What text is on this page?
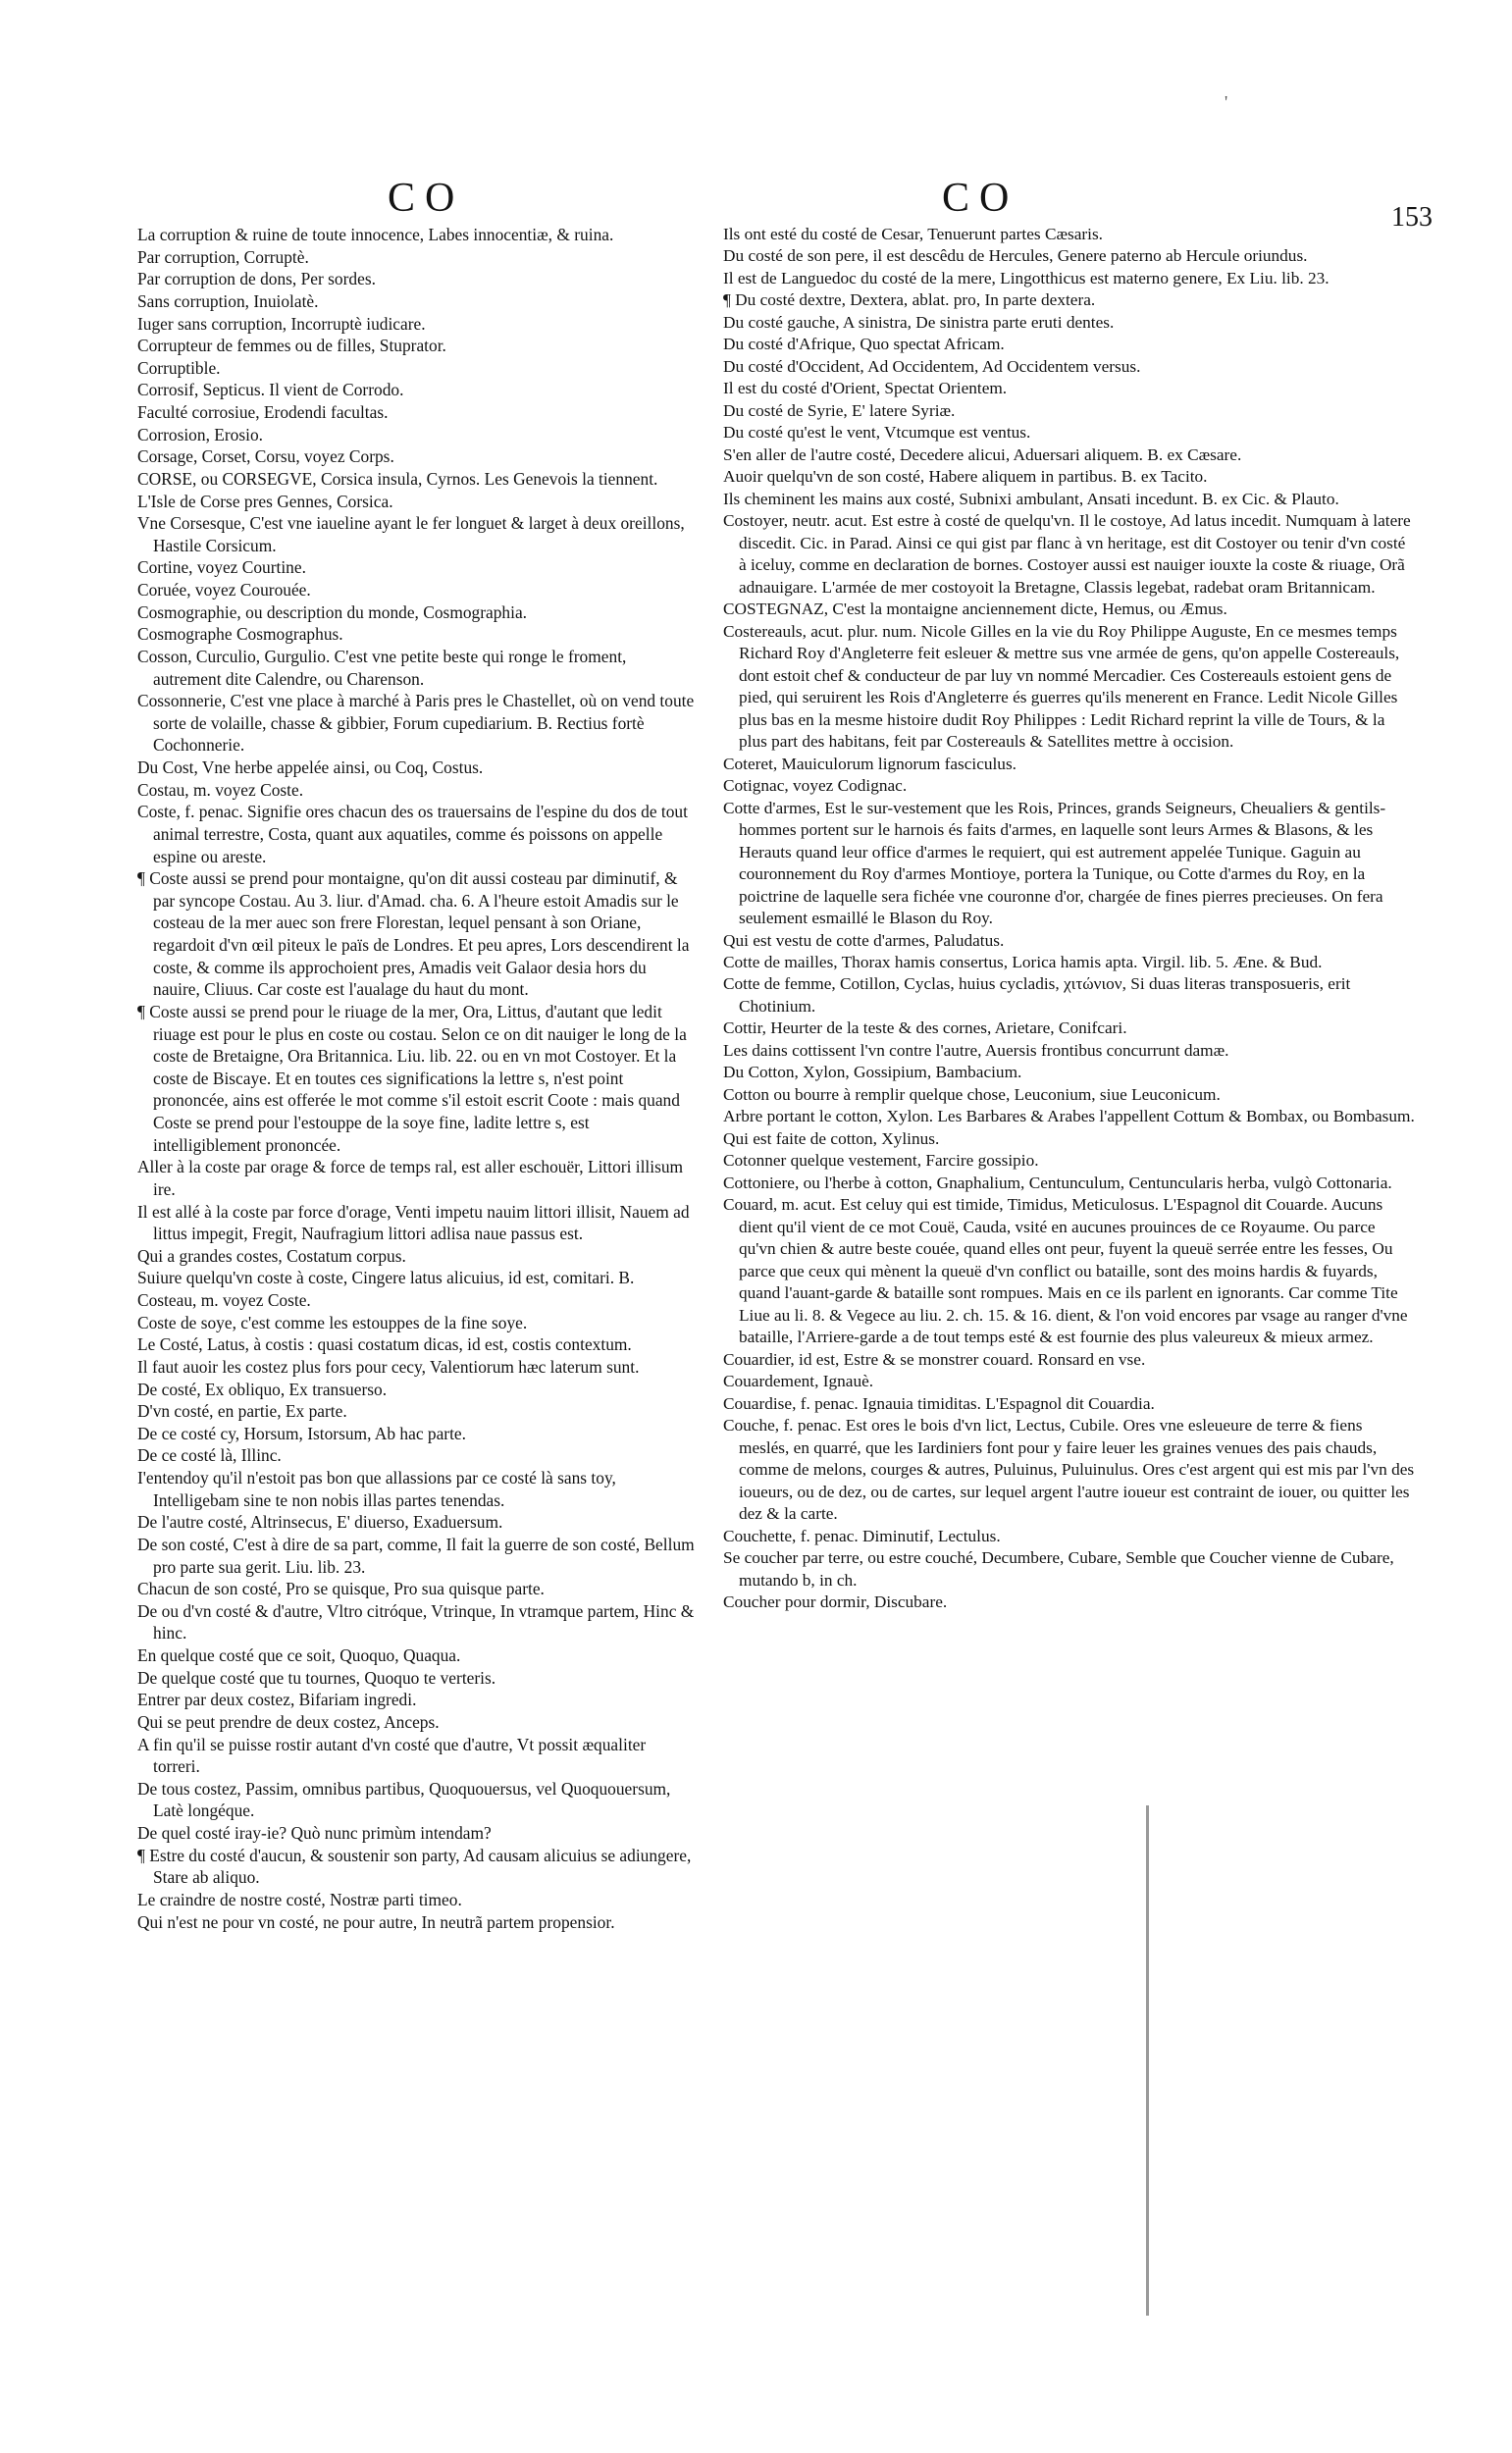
'
CO	CO	153

La corruption & ruine de toute innocence, Labes innocentiæ, & ruina.

Par corruption, Corruptè.

Par corruption de dons, Per sordes.

Sans corruption, Inuiolatè.

Iuger sans corruption, Incorruptè iudicare.

Corrupteur de femmes ou de filles, Stuprator.

Corruptible.

Corrosif, Septicus. Il vient de Corrodo.

Faculté corrosiue, Erodendi facultas.

Corrosion, Erosio.

Corsage, Corset, Corsu, voyez Corps.

CORSE, ou CORSEGVE, Corsica insula, Cyrnos. Les Genevois la tiennent.

L'Isle de Corse pres Gennes, Corsica.

Vne Corsesque, C'est vne iaueline ayant le fer longuet & larget à deux oreillons, Hastile Corsicum.

Cortine, voyez Courtine.

Coruée, voyez Courouée.

Cosmographie, ou description du monde, Cosmographia.

Cosmographe Cosmographus.

Cosson, Curculio, Gurgulio. C'est vne petite beste qui ronge le froment, autrement dite Calendre, ou Charenson.

Cossonnerie, C'est vne place à marché à Paris pres le Chastellet, où on vend toute sorte de volaille, chasse & gibbier, Forum cupediarium. B. Rectius fortè Cochonnerie.

Du Cost, Vne herbe appelée ainsi, ou Coq, Costus.

Costau, m. voyez Coste.

Coste, f. penac. Signifie ores chacun des os trauersains de l'espine du dos de tout animal terrestre, Costa, quant aux aquatiles, comme és poissons on appelle espine ou areste.

¶ Coste aussi se prend pour montaigne, qu'on dit aussi costeau par diminutif, & par syncope Costau. Au 3. liur. d'Amad. cha. 6. A l'heure estoit Amadis sur le costeau de la mer auec son frere Florestan, lequel pensant à son Oriane, regardoit d'vn œil piteux le païs de Londres. Et peu apres, Lors descendirent la coste, & comme ils approchoient pres, Amadis veit Galaor desia hors du nauire, Cliuus. Car coste est l'aualage du haut du mont.

¶ Coste aussi se prend pour le riuage de la mer, Ora, Littus, d'autant que ledit riuage est pour le plus en coste ou costau. Selon ce on dit nauiger le long de la coste de Bretaigne, Ora Britannica. Liu. lib. 22. ou en vn mot Costoyer. Et la coste de Biscaye. Et en toutes ces significations la lettre s, n'est point prononcée, ains est offerée le mot comme s'il estoit escrit Coote : mais quand Coste se prend pour l'estouppe de la soye fine, ladite lettre s, est intelligiblement prononcée.

Aller à la coste par orage & force de temps ral, est aller eschouër, Littori illisum ire.

Il est allé à la coste par force d'orage, Venti impetu nauim littori illisit, Nauem ad littus impegit, Fregit, Naufragium littori adlisa naue passus est.

Qui a grandes costes, Costatum corpus.

Suiure quelqu'vn coste à coste, Cingere latus alicuius, id est, comitari. B.

Costeau, m. voyez Coste.

Coste de soye, c'est comme les estouppes de la fine soye.

Le Costé, Latus, à costis : quasi costatum dicas, id est, costis contextum.

Il faut auoir les costez plus fors pour cecy, Valentiorum hæc laterum sunt.

De costé, Ex obliquo, Ex transuerso.

D'vn costé, en partie, Ex parte.

De ce costé cy, Horsum, Istorsum, Ab hac parte.

De ce costé là, Illinc.

I'entendoy qu'il n'estoit pas bon que allassions par ce costé là sans toy, Intelligebam sine te non nobis illas partes tenendas.

De l'autre costé, Altrinsecus, E' diuerso, Exaduersum.

De son costé, C'est à dire de sa part, comme, Il fait la guerre de son costé, Bellum pro parte sua gerit. Liu. lib. 23.

Chacun de son costé, Pro se quisque, Pro sua quisque parte.

De ou d'vn costé & d'autre, Vltro citróque, Vtrinque, In vtramque partem, Hinc & hinc.

En quelque costé que ce soit, Quoquo, Quaqua.

De quelque costé que tu tournes, Quoquo te verteris.

Entrer par deux costez, Bifariam ingredi.

Qui se peut prendre de deux costez, Anceps.

A fin qu'il se puisse rostir autant d'vn costé que d'autre, Vt possit æqualiter torreri.

De tous costez, Passim, omnibus partibus, Quoquouersus, vel Quoquouersum, Latè longéque.

De quel costé iray-ie? Quò nunc primùm intendam?

¶ Estre du costé d'aucun, & soustenir son party, Ad causam alicuius se adiungere, Stare ab aliquo.

Le craindre de nostre costé, Nostræ parti timeo.

Qui n'est ne pour vn costé, ne pour autre, In neutrã partem propensior.

Ils ont esté du costé de Cesar, Tenuerunt partes Cæsaris.

Du costé de son pere, il est descêdu de Hercules, Genere paterno ab Hercule oriundus.

Il est de Languedoc du costé de la mere, Lingotthicus est materno genere, Ex Liu. lib. 23.

¶ Du costé dextre, Dextera, ablat. pro, In parte dextera.

Du costé gauche, A sinistra, De sinistra parte eruti dentes.

Du costé d'Afrique, Quo spectat Africam.

Du costé d'Occident, Ad Occidentem, Ad Occidentem versus.

Il est du costé d'Orient, Spectat Orientem.

Du costé de Syrie, E' latere Syriæ.

Du costé qu'est le vent, Vtcumque est ventus.

S'en aller de l'autre costé, Decedere alicui, Aduersari aliquem. B. ex Cæsare.

Auoir quelqu'vn de son costé, Habere aliquem in partibus. B. ex Tacito.

Ils cheminent les mains aux costé, Subnixi ambulant, Ansati incedunt. B. ex Cic. & Plauto.

Costoyer, neutr. acut. Est estre à costé de quelqu'vn. Il le costoye, Ad latus incedit. Numquam à latere discedit. Cic. in Parad. Ainsi ce qui gist par flanc à vn heritage, est dit Costoyer ou tenir d'vn costé à iceluy, comme en declaration de bornes. Costoyer aussi est nauiger iouxte la coste & riuage, Orã adnauigare. L'armée de mer costoyoit la Bretagne, Classis legebat, radebat oram Britannicam.

COSTEGNAZ, C'est la montaigne anciennement dicte, Hemus, ou Æmus.

Costereauls, acut. plur. num. Nicole Gilles en la vie du Roy Philippe Auguste, En ce mesmes temps Richard Roy d'Angleterre feit esleuer & mettre sus vne armée de gens, qu'on appelle Costereauls, dont estoit chef & conducteur de par luy vn nommé Mercadier. Ces Costereauls estoient gens de pied, qui seruirent les Rois d'Angleterre és guerres qu'ils menerent en France. Ledit Nicole Gilles plus bas en la mesme histoire dudit Roy Philippes : Ledit Richard reprint la ville de Tours, & la plus part des habitans, feit par Costereauls & Satellites mettre à occision.

Coteret, Mauiculorum lignorum fasciculus.

Cotignac, voyez Codignac.

Cotte d'armes, Est le sur-vestement que les Rois, Princes, grands Seigneurs, Cheualiers & gentils-hommes portent sur le harnois és faits d'armes, en laquelle sont leurs Armes & Blasons, & les Herauts quand leur office d'armes le requiert, qui est autrement appelée Tunique. Gaguin au couronnement du Roy d'armes Montioye, portera la Tunique, ou Cotte d'armes du Roy, en la poictrine de laquelle sera fichée vne couronne d'or, chargée de fines pierres precieuses. On fera seulement esmaillé le Blason du Roy.

Qui est vestu de cotte d'armes, Paludatus.

Cotte de mailles, Thorax hamis consertus, Lorica hamis apta. Virgil. lib. 5. Æne. & Bud.

Cotte de femme, Cotillon, Cyclas, huius cycladis, χιτώνιον, Si duas literas transposueris, erit Chotinium.

Cottir, Heurter de la teste & des cornes, Arietare, Conifcari.

Les dains cottissent l'vn contre l'autre, Auersis frontibus concurrunt damæ.

Du Cotton, Xylon, Gossipium, Bambacium.

Cotton ou bourre à remplir quelque chose, Leuconium, siue Leuconicum.

Arbre portant le cotton, Xylon. Les Barbares & Arabes l'appellent Cottum & Bombax, ou Bombasum.

Qui est faite de cotton, Xylinus.

Cotonner quelque vestement, Farcire gossipio.

Cottoniere, ou l'herbe à cotton, Gnaphalium, Centunculum, Centuncularis herba, vulgò Cottonaria.

Couard, m. acut. Est celuy qui est timide, Timidus, Meticulosus. L'Espagnol dit Couarde. Aucuns dient qu'il vient de ce mot Couë, Cauda, vsité en aucunes prouinces de ce Royaume. Ou parce qu'vn chien & autre beste couée, quand elles ont peur, fuyent la queuë serrée entre les fesses, Ou parce que ceux qui mènent la queuë d'vn conflict ou bataille, sont des moins hardis & fuyards, quand l'auant-garde & bataille sont rompues. Mais en ce ils parlent en ignorants. Car comme Tite Liue au li. 8. & Vegece au liu. 2. ch. 15. & 16. dient, & l'on void encores par vsage au ranger d'vne bataille, l'Arriere-garde a de tout temps esté & est fournie des plus valeureux & mieux armez.

Couardier, id est, Estre & se monstrer couard. Ronsard en vse.

Couardement, Ignauè.

Couardise, f. penac. Ignauia timiditas. L'Espagnol dit Couardia.

Couche, f. penac. Est ores le bois d'vn lict, Lectus, Cubile. Ores vne esleueure de terre & fiens meslés, en quarré, que les Iardiniers font pour y faire leuer les graines venues des pais chauds, comme de melons, courges & autres, Puluinus, Puluinulus. Ores c'est argent qui est mis par l'vn des ioueurs, ou de dez, ou de cartes, sur lequel argent l'autre ioueur est contraint de iouer, ou quitter les dez & la carte.

Couchette, f. penac. Diminutif, Lectulus.

Se coucher par terre, ou estre couché, Decumbere, Cubare, Semble que Coucher vienne de Cubare, mutando b, in ch.

Coucher pour dormir, Discubare.
